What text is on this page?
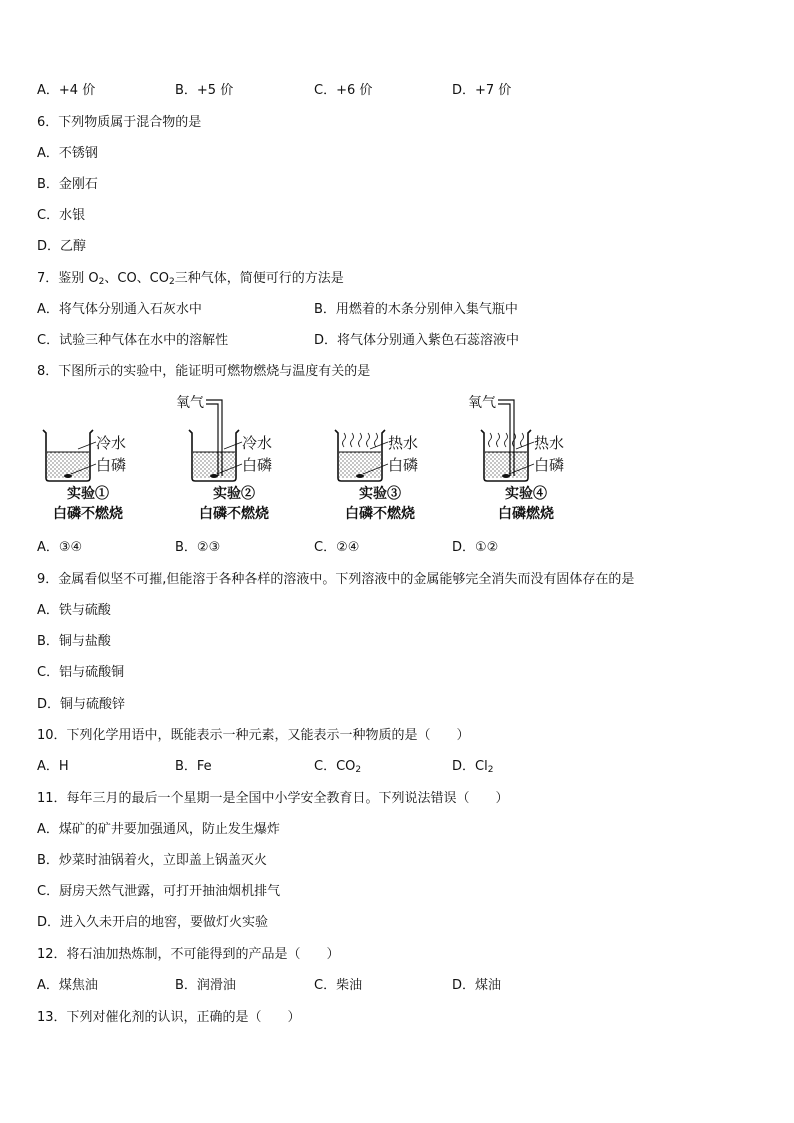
A．+4 价	B．+5 价	C．+6 价	D．+7 价
6．下列物质属于混合物的是
A．不锈钢
B．金刚石
C．水银
D．乙醇
7．鉴别 $O_2$、CO、$CO_2$三种气体，简便可行的方法是
A．将气体分别通入石灰水中	B．用燃着的木条分别伸入集气瓶中
C．试验三种气体在水中的溶解性	D．将气体分别通入紫色石蕊溶液中
8．下图所示的实验中，能证明可燃物燃烧与温度有关的是
冷水
白磷
实验①
白磷不燃烧
氧气
冷水
白磷
实验②
白磷不燃烧
热水
白磷
实验③
白磷不燃烧
氧气
热水
白磷
实验④
白磷燃烧
A．③④	B．②③	C．②④	D．①②
9．金属看似坚不可摧,但能溶于各种各样的溶液中。下列溶液中的金属能够完全消失而没有固体存在的是
A．铁与硫酸
B．铜与盐酸
C．铝与硫酸铜
D．铜与硫酸锌
10．下列化学用语中，既能表示一种元素，又能表示一种物质的是（　　）
A．H	B．Fe	C．$CO_2$	D．$Cl_2$
11．每年三月的最后一个星期一是全国中小学安全教育日。下列说法错误（　　）
A．煤矿的矿井要加强通风，防止发生爆炸
B．炒菜时油锅着火，立即盖上锅盖灭火
C．厨房天然气泄露，可打开抽油烟机排气
D．进入久未开启的地窖，要做灯火实验
12．将石油加热炼制，不可能得到的产品是（　　）
A．煤焦油	B．润滑油	C．柴油	D．煤油
13．下列对催化剂的认识，正确的是（　　）
